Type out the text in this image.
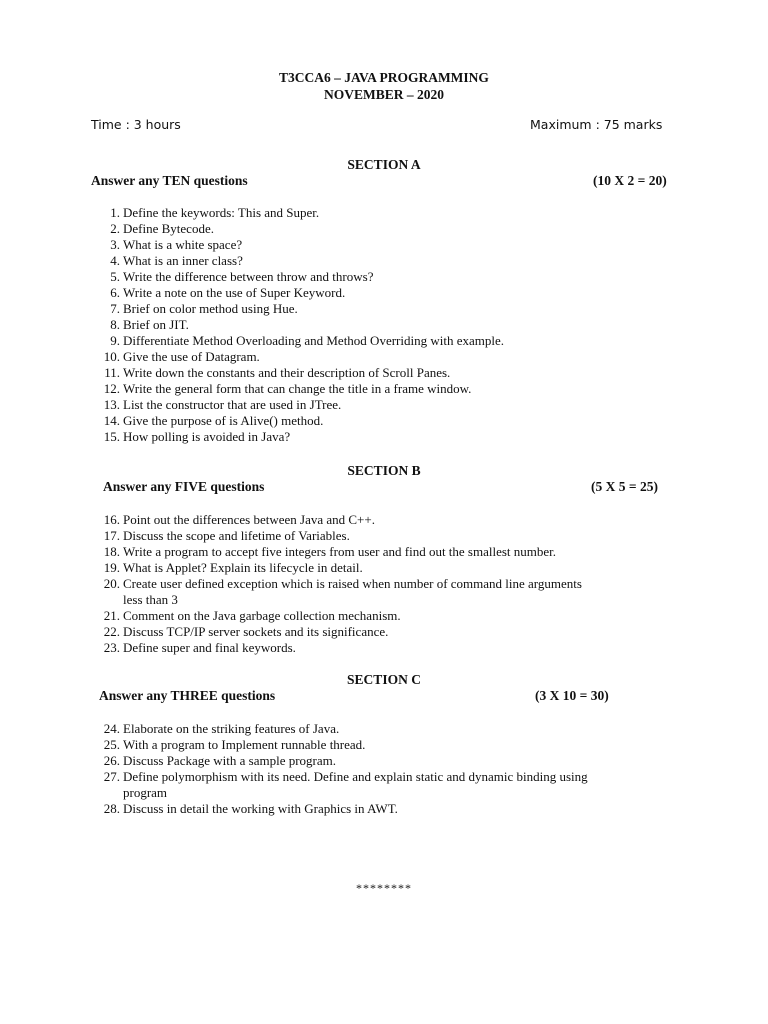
T3CCA6 – JAVA PROGRAMMING
NOVEMBER – 2020
Time : 3 hours	Maximum : 75 marks
SECTION A
Answer any TEN questions	(10 X 2 = 20)
1. Define the keywords: This and Super.
2. Define Bytecode.
3. What is a white space?
4. What is an inner class?
5. Write the difference between throw and throws?
6. Write a note on the use of Super Keyword.
7. Brief on color method using Hue.
8. Brief on JIT.
9. Differentiate Method Overloading and Method Overriding with example.
10. Give the use of Datagram.
11. Write down the constants and their description of Scroll Panes.
12. Write the general form that can change the title in a frame window.
13. List the constructor that are used in JTree.
14. Give the purpose of is Alive() method.
15. How polling is avoided in Java?
SECTION B
Answer any FIVE questions	(5 X 5 = 25)
16. Point out the differences between Java and C++.
17. Discuss the scope and lifetime of Variables.
18. Write a program to accept five integers from user and find out the smallest number.
19. What is Applet? Explain its lifecycle in detail.
20. Create user defined exception which is raised when number of command line arguments
less than 3
21. Comment on the Java garbage collection mechanism.
22. Discuss TCP/IP server sockets and its significance.
23. Define super and final keywords.
SECTION C
Answer any THREE questions	(3 X 10 = 30)
24. Elaborate on the striking features of Java.
25. With a program to Implement runnable thread.
26. Discuss Package with a sample program.
27. Define polymorphism with its need. Define and explain static and dynamic binding using
program
28. Discuss in detail the working with Graphics in AWT.
********
